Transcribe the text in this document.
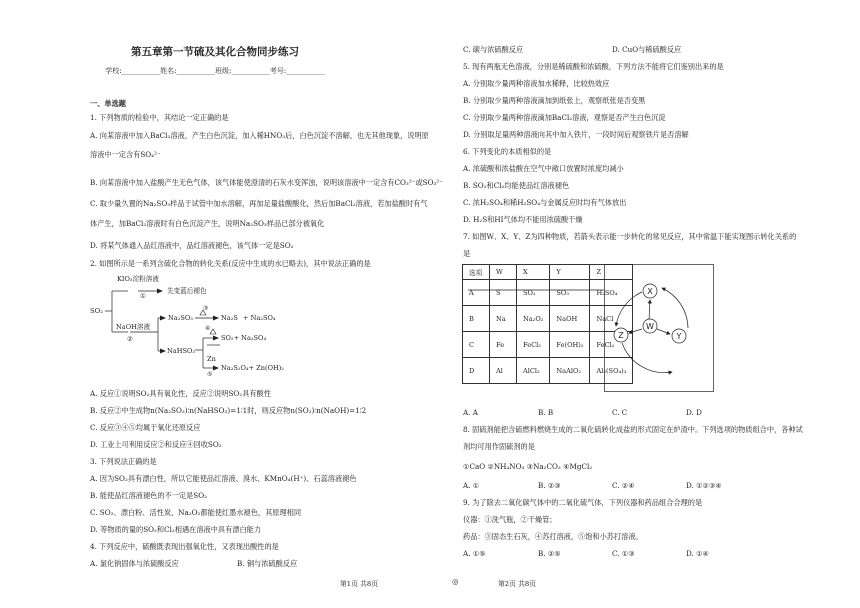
第五章第一节硫及其化合物同步练习
学校:___________姓名:___________班级:___________考号:___________
一、单选题
1. 下列物质的检验中，其结论一定正确的是
A. 向某溶液中加入BaCl₂溶液，产生白色沉淀，加入稀HNO₃后，白色沉淀不溶解，也无其他现象，说明原
溶液中一定含有SO₄²⁻
B. 向某溶液中加入盐酸产生无色气体，该气体能使澄清的石灰水变浑浊，说明该溶液中一定含有CO₃²⁻或SO₃²⁻
C. 取少量久置的Na₂SO₃样品于试管中加水溶解，再加足量盐酸酸化，然后加BaCl₂溶液，若加盐酸时有气
体产生，加BaCl₂溶液时有白色沉淀产生，说明Na₂SO₃样品已部分被氧化
D. 将某气体通入品红溶液中，品红溶液褪色，该气体一定是SO₂
2. 如图所示是一系列含硫化合物的转化关系(反应中生成的水已略去)，其中说法正确的是
KIO₃淀粉溶液
①
先变蓝后褪色
SO₂
NaOH溶液
②
Na₂SO₃
③
Na₂S + Na₂SO₄
④
SO₂+ Na₂SO₄
NaHSO₃
Zn
⑤
Na₂S₂O₄+ Zn(OH)₂
A. 反应①说明SO₂具有氧化性，反应②说明SO₂具有酸性
B. 反应②中生成物n(Na₂SO₃)∶n(NaHSO₃)=1∶1时，则反应物n(SO₂)∶n(NaOH)=1∶2
C. 反应③④⑤均属于氧化还原反应
D. 工业上可利用反应②和反应④回收SO₂
3. 下列说法正确的是
A. 因为SO₂具有漂白性，所以它能使品红溶液、溴水、KMnO₄(H⁺)、石蕊溶液褪色
B. 能使品红溶液褪色的不一定是SO₂
C. SO₂、漂白粉、活性炭、Na₂O₂都能使红墨水褪色，其原理相同
D. 等物质的量的SO₂和Cl₂相遇在溶液中具有漂白能力
4. 下列反应中，硫酸既表现出强氧化性，又表现出酸性的是
A. 氯化钠固体与浓硫酸反应	B. 铜与浓硫酸反应
C. 碳与浓硫酸反应	D. CuO与稀硫酸反应
5. 现有两瓶无色溶液，分别是稀硫酸和浓硫酸，下列方法不能将它们鉴别出来的是
A. 分别取少量两种溶液加水稀释，比较热效应
B. 分别取少量两种溶液滴加到纸张上，观察纸张是否变黑
C. 分别取少量两种溶液滴加BaCl₂溶液，观察是否产生白色沉淀
D. 分别取足量两种溶液向其中加入铁片，一段时间后观察铁片是否溶解
6. 下列变化的本质相似的是
A. 浓硫酸和浓盐酸在空气中敞口放置时浓度均减小
B. SO₂和Cl₂均能使品红溶液褪色
C. 浓H₂SO₄和稀H₂SO₄与金属反应时均有气体放出
D. H₂S和HI气体均不能用浓硫酸干燥
7. 如图W、X、Y、Z为四种物质，若箭头表示能一步转化的常见反应，其中常温下能实现图示转化关系的
是
选项	W	X	Y	Z
A	S	SO₂	SO₃	H₂SO₄
B	Na	Na₂O₂	NaOH	NaCl
C	Fe	FeCl₃	Fe(OH)₂	FeCl₂
D	Al	AlCl₃	NaAlO₂	Al₂(SO₄)₃
X
W
Z	Y
A. A	B. B	C. C	D. D
8. 固硫剂能把含硫燃料燃烧生成的二氧化硫转化成盐的形式固定在炉渣中。下列选项的物质组合中，各种试
剂均可用作固硫剂的是
①CaO ②NH₄NO₃ ③Na₂CO₃ ④MgCl₂
A. ①	B. ②③	C. ②④	D. ①②③④
9. 为了除去二氧化碳气体中的二氧化硫气体，下列仪器和药品组合合理的是
仪器：①洗气瓶，②干燥管；
药品：③固态生石灰，④苏打溶液，⑤饱和小苏打溶液。
A. ①⑤	B. ②⑤	C. ①③	D. ①④
第1页 共8页	◎	第2页 共8页
